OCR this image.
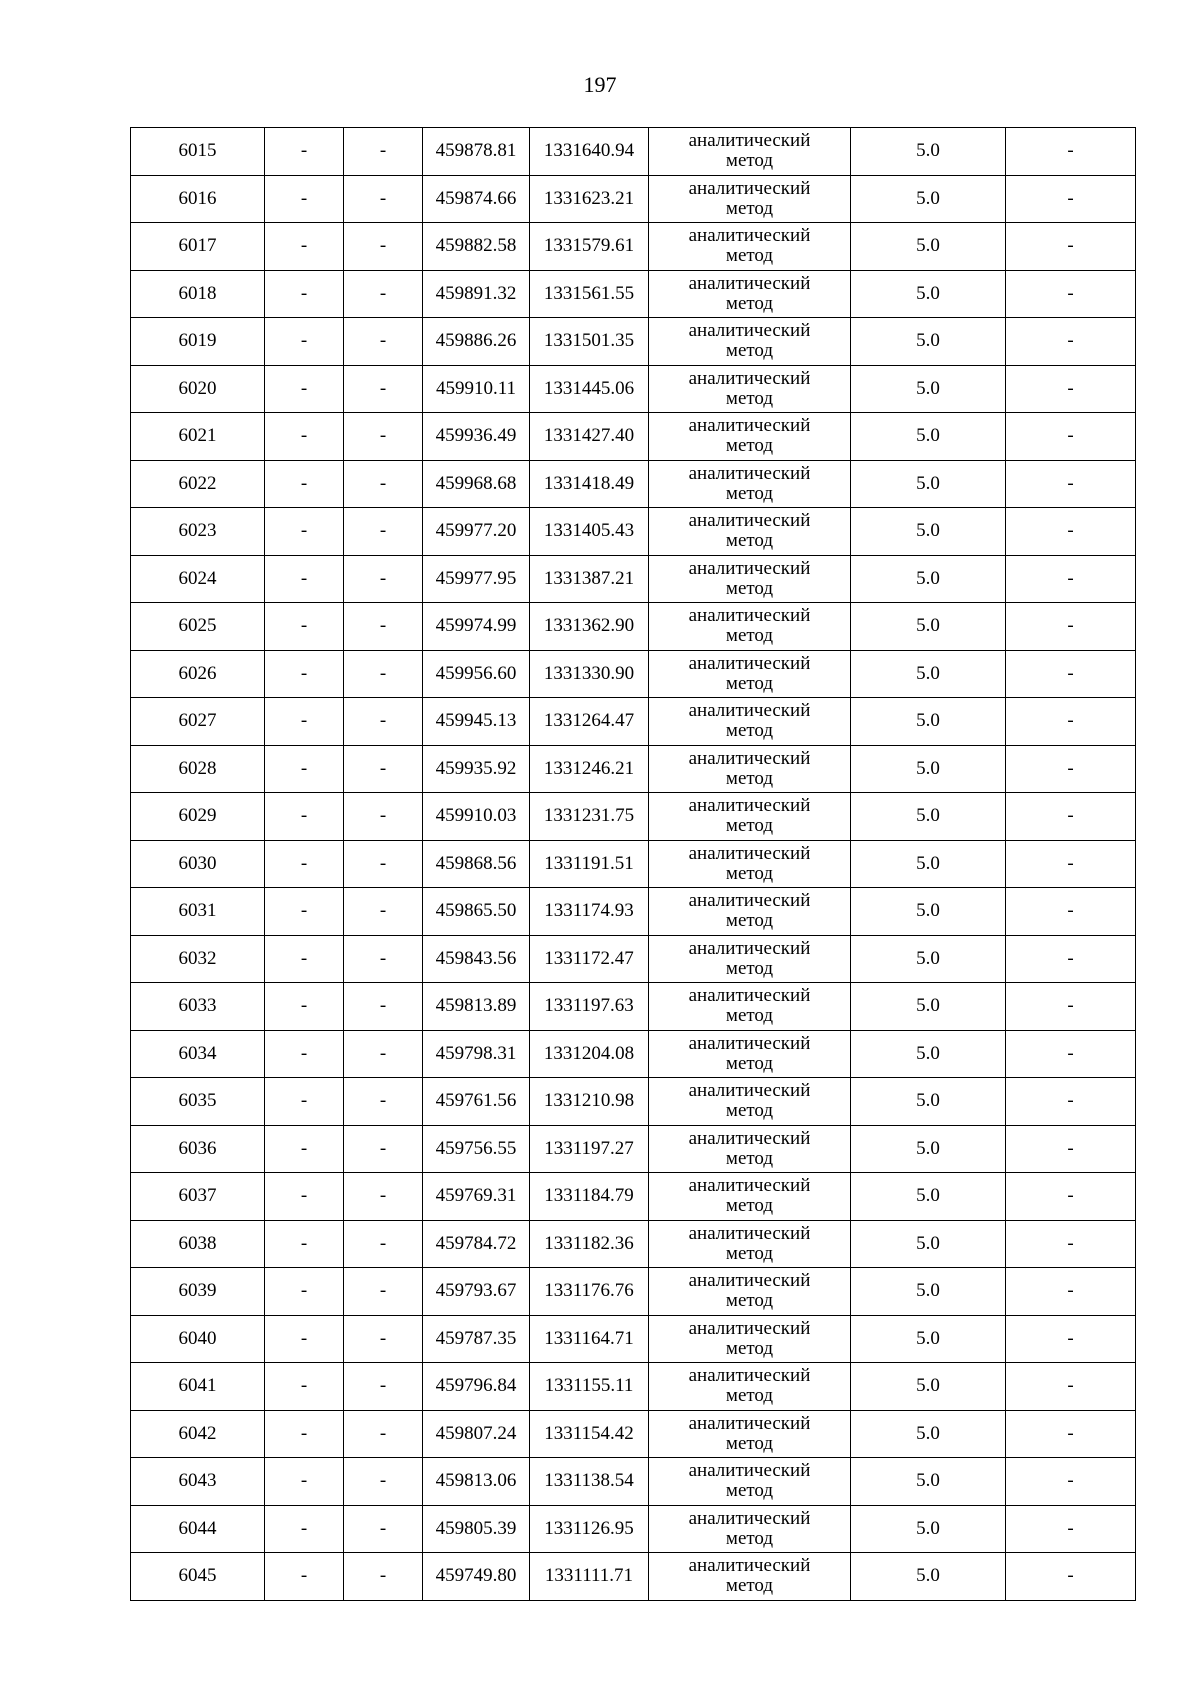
197
6015	-	-	459878.81	1331640.94	аналитический
метод	5.0	-
6016	-	-	459874.66	1331623.21	аналитический
метод	5.0	-
6017	-	-	459882.58	1331579.61	аналитический
метод	5.0	-
6018	-	-	459891.32	1331561.55	аналитический
метод	5.0	-
6019	-	-	459886.26	1331501.35	аналитический
метод	5.0	-
6020	-	-	459910.11	1331445.06	аналитический
метод	5.0	-
6021	-	-	459936.49	1331427.40	аналитический
метод	5.0	-
6022	-	-	459968.68	1331418.49	аналитический
метод	5.0	-
6023	-	-	459977.20	1331405.43	аналитический
метод	5.0	-
6024	-	-	459977.95	1331387.21	аналитический
метод	5.0	-
6025	-	-	459974.99	1331362.90	аналитический
метод	5.0	-
6026	-	-	459956.60	1331330.90	аналитический
метод	5.0	-
6027	-	-	459945.13	1331264.47	аналитический
метод	5.0	-
6028	-	-	459935.92	1331246.21	аналитический
метод	5.0	-
6029	-	-	459910.03	1331231.75	аналитический
метод	5.0	-
6030	-	-	459868.56	1331191.51	аналитический
метод	5.0	-
6031	-	-	459865.50	1331174.93	аналитический
метод	5.0	-
6032	-	-	459843.56	1331172.47	аналитический
метод	5.0	-
6033	-	-	459813.89	1331197.63	аналитический
метод	5.0	-
6034	-	-	459798.31	1331204.08	аналитический
метод	5.0	-
6035	-	-	459761.56	1331210.98	аналитический
метод	5.0	-
6036	-	-	459756.55	1331197.27	аналитический
метод	5.0	-
6037	-	-	459769.31	1331184.79	аналитический
метод	5.0	-
6038	-	-	459784.72	1331182.36	аналитический
метод	5.0	-
6039	-	-	459793.67	1331176.76	аналитический
метод	5.0	-
6040	-	-	459787.35	1331164.71	аналитический
метод	5.0	-
6041	-	-	459796.84	1331155.11	аналитический
метод	5.0	-
6042	-	-	459807.24	1331154.42	аналитический
метод	5.0	-
6043	-	-	459813.06	1331138.54	аналитический
метод	5.0	-
6044	-	-	459805.39	1331126.95	аналитический
метод	5.0	-
6045	-	-	459749.80	1331111.71	аналитический
метод	5.0	-
